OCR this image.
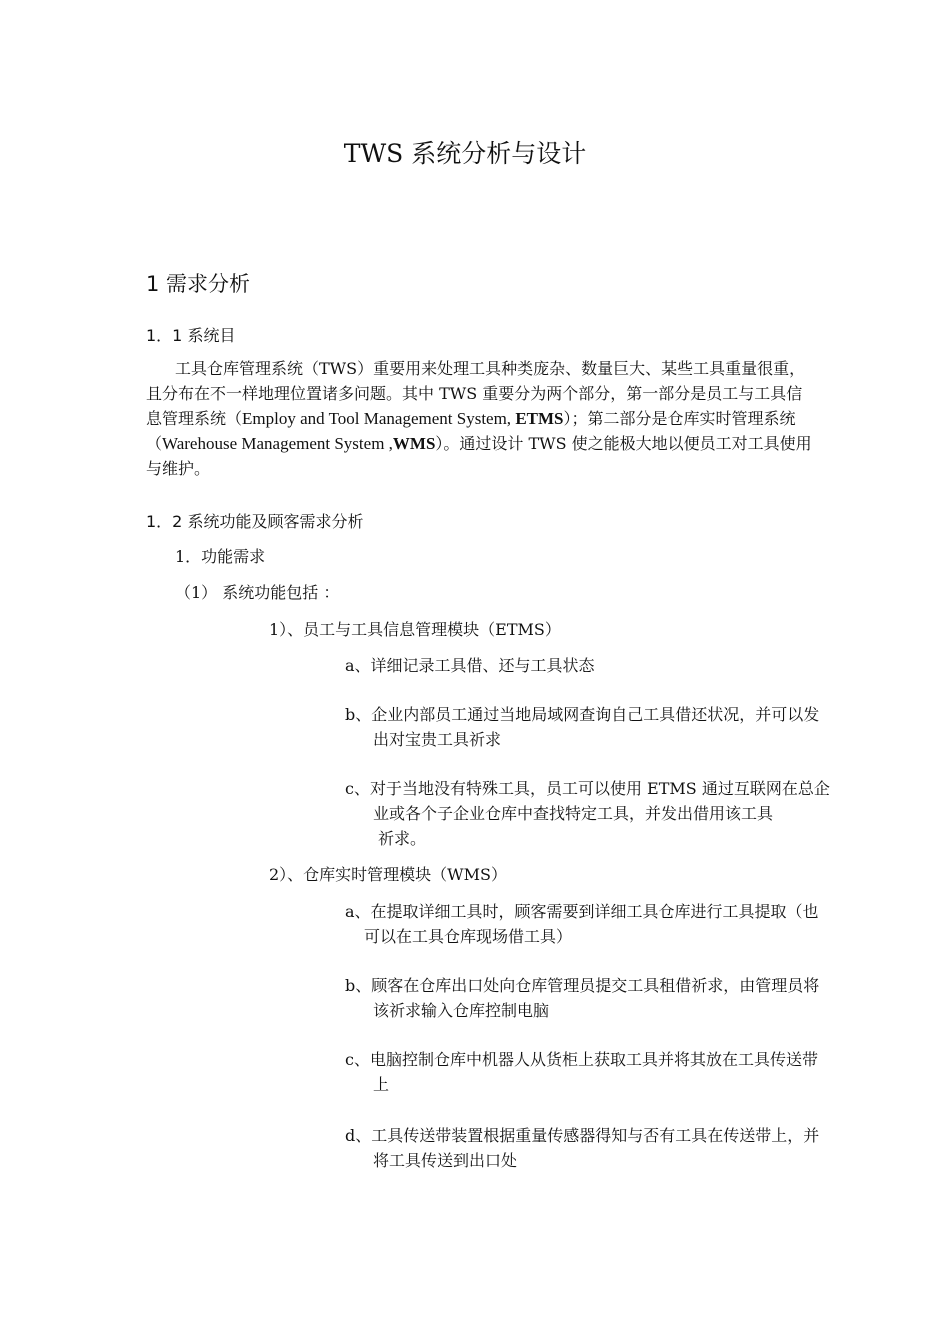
TWS 系统分析与设计
1 需求分析
1．1 系统目
工具仓库管理系统（TWS）重要用来处理工具种类庞杂、数量巨大、某些工具重量很重，
且分布在不一样地理位置诸多问题。其中 TWS 重要分为两个部分，第一部分是员工与工具信
息管理系统（Employ and Tool Management System, ETMS）；第二部分是仓库实时管理系统
（Warehouse Management System ,WMS）。通过设计 TWS 使之能极大地以便员工对工具使用
与维护。
1．2 系统功能及顾客需求分析
1．功能需求
（1） 系统功能包括 ：
1）、员工与工具信息管理模块（ETMS）
a、详细记录工具借、还与工具状态
b、企业内部员工通过当地局域网查询自己工具借还状况，并可以发
出对宝贵工具祈求
c、对于当地没有特殊工具，员工可以使用 ETMS 通过互联网在总企
业或各个子企业仓库中查找特定工具，并发出借用该工具
祈求。
2）、仓库实时管理模块（WMS）
a、在提取详细工具时，顾客需要到详细工具仓库进行工具提取（也
可以在工具仓库现场借工具）
b、顾客在仓库出口处向仓库管理员提交工具租借祈求，由管理员将
该祈求输入仓库控制电脑
c、电脑控制仓库中机器人从货柜上获取工具并将其放在工具传送带
上
d、工具传送带装置根据重量传感器得知与否有工具在传送带上，并
将工具传送到出口处
